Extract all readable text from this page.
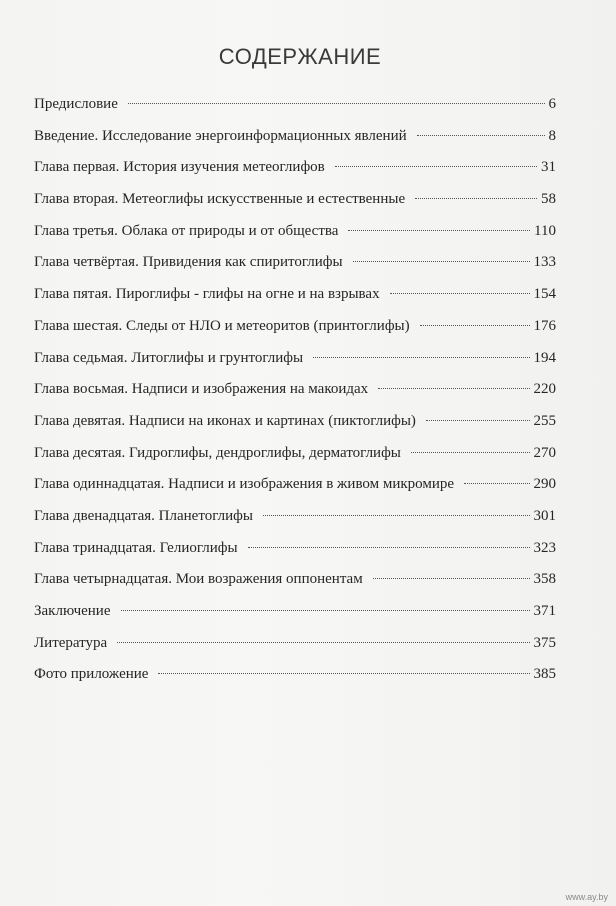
СОДЕРЖАНИЕ
Предисловие	6
Введение. Исследование энергоинформационных явлений	8
Глава первая. История изучения метеоглифов	31
Глава вторая. Метеоглифы искусственные и естественные	58
Глава третья. Облака от природы и от общества	110
Глава четвёртая. Привидения как спиритоглифы	133
Глава пятая. Пироглифы - глифы на огне и на взрывах	154
Глава шестая. Следы от НЛО и метеоритов (принтоглифы)	176
Глава седьмая. Литоглифы и грунтоглифы	194
Глава восьмая. Надписи и изображения на макоидах	220
Глава девятая. Надписи на иконах и картинах (пиктоглифы)	255
Глава десятая. Гидроглифы, дендроглифы, дерматоглифы	270
Глава одиннадцатая. Надписи и изображения в живом микромире	290
Глава двенадцатая. Планетоглифы	301
Глава тринадцатая. Гелиоглифы	323
Глава четырнадцатая. Мои возражения оппонентам	358
Заключение	371
Литература	375
Фото приложение	385
www.ay.by
